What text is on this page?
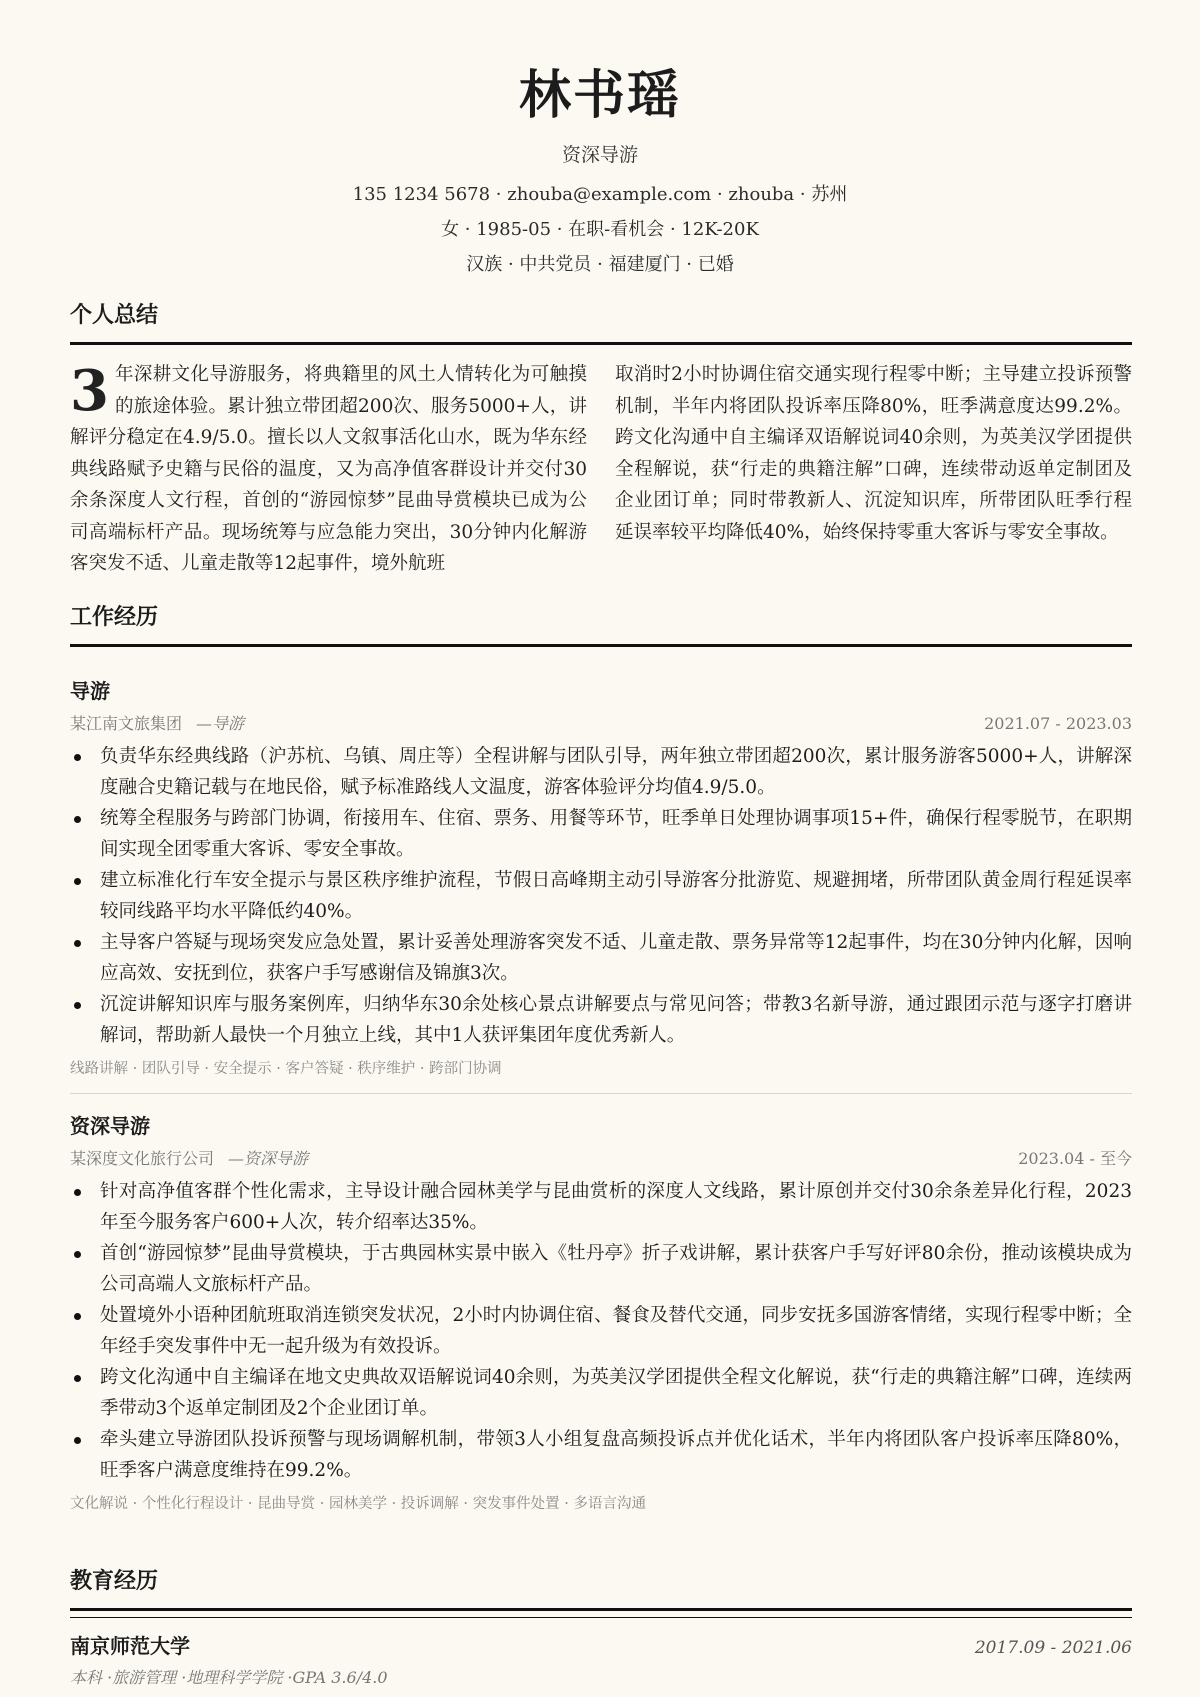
林书瑶
资深导游
135 1234 5678 · zhouba@example.com · zhouba · 苏州
女 · 1985-05 · 在职-看机会 · 12K-20K
汉族 · 中共党员 · 福建厦门 · 已婚
个人总结
3 年深耕文化导游服务，将典籍里的风土人情转化为可触摸的旅途体验。累计独立带团超200次、服务5000+人，讲解评分稳定在4.9/5.0。擅长以人文叙事活化山水，既为华东经典线路赋予史籍与民俗的温度，又为高净值客群设计并交付30余条深度人文行程，首创的“游园惊梦”昆曲导赏模块已成为公司高端标杆产品。现场统筹与应急能力突出，30分钟内化解游客突发不适、儿童走散等12起事件，境外航班
取消时2小时协调住宿交通实现行程零中断；主导建立投诉预警机制，半年内将团队投诉率压降80%，旺季满意度达99.2%。跨文化沟通中自主编译双语解说词40余则，为英美汉学团提供全程解说，获“行走的典籍注解”口碑，连续带动返单定制团及企业团订单；同时带教新人、沉淀知识库，所带团队旺季行程延误率较平均降低40%，始终保持零重大客诉与零安全事故。
工作经历
导游
某江南文旅集团 —导游	2021.07 - 2023.03
负责华东经典线路（沪苏杭、乌镇、周庄等）全程讲解与团队引导，两年独立带团超200次，累计服务游客5000+人，讲解深度融合史籍记载与在地民俗，赋予标准路线人文温度，游客体验评分均值4.9/5.0。
统筹全程服务与跨部门协调，衔接用车、住宿、票务、用餐等环节，旺季单日处理协调事项15+件，确保行程零脱节，在职期间实现全团零重大客诉、零安全事故。
建立标准化行车安全提示与景区秩序维护流程，节假日高峰期主动引导游客分批游览、规避拥堵，所带团队黄金周行程延误率较同线路平均水平降低约40%。
主导客户答疑与现场突发应急处置，累计妥善处理游客突发不适、儿童走散、票务异常等12起事件，均在30分钟内化解，因响应高效、安抚到位，获客户手写感谢信及锦旗3次。
沉淀讲解知识库与服务案例库，归纳华东30余处核心景点讲解要点与常见问答；带教3名新导游，通过跟团示范与逐字打磨讲解词，帮助新人最快一个月独立上线，其中1人获评集团年度优秀新人。
线路讲解 · 团队引导 · 安全提示 · 客户答疑 · 秩序维护 · 跨部门协调
资深导游
某深度文化旅行公司 —资深导游	2023.04 - 至今
针对高净值客群个性化需求，主导设计融合园林美学与昆曲赏析的深度人文线路，累计原创并交付30余条差异化行程，2023年至今服务客户600+人次，转介绍率达35%。
首创“游园惊梦”昆曲导赏模块，于古典园林实景中嵌入《牡丹亭》折子戏讲解，累计获客户手写好评80余份，推动该模块成为公司高端人文旅标杆产品。
处置境外小语种团航班取消连锁突发状况，2小时内协调住宿、餐食及替代交通，同步安抚多国游客情绪，实现行程零中断；全年经手突发事件中无一起升级为有效投诉。
跨文化沟通中自主编译在地文史典故双语解说词40余则，为英美汉学团提供全程文化解说，获“行走的典籍注解”口碑，连续两季带动3个返单定制团及2个企业团订单。
牵头建立导游团队投诉预警与现场调解机制，带领3人小组复盘高频投诉点并优化话术，半年内将团队客户投诉率压降80%，旺季客户满意度维持在99.2%。
文化解说 · 个性化行程设计 · 昆曲导赏 · 园林美学 · 投诉调解 · 突发事件处置 · 多语言沟通
教育经历
南京师范大学	2017.09 - 2021.06
本科 ·旅游管理 ·地理科学学院 ·GPA 3.6/4.0
